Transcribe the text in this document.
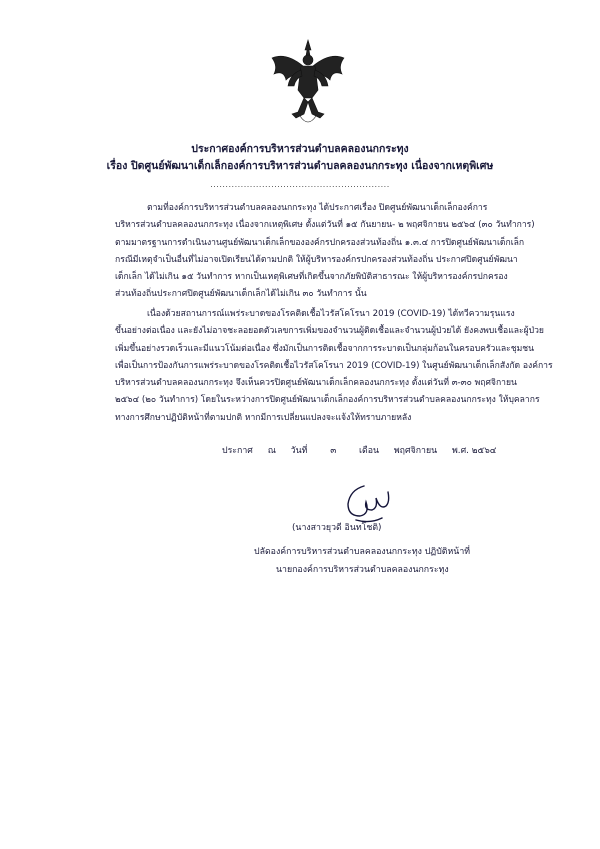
ประกาศองค์การบริหารส่วนตำบลคลองนกกระทุง
เรื่อง ปิดศูนย์พัฒนาเด็กเล็กองค์การบริหารส่วนตำบลคลองนกกระทุง เนื่องจากเหตุพิเศษ
...........................................................
ตามที่องค์การบริหารส่วนตำบลคลองนกกระทุง ได้ประกาศเรื่อง ปิดศูนย์พัฒนาเด็กเล็กองค์การ
บริหารส่วนตำบลคลองนกกระทุง เนื่องจากเหตุพิเศษ ตั้งแต่วันที่ ๑๕ กันยายน- ๒ พฤศจิกายน ๒๕๖๔ (๓๐ วันทำการ)
ตามมาตรฐานการดำเนินงานศูนย์พัฒนาเด็กเล็กขององค์กรปกครองส่วนท้องถิ่น ๑.๓.๔ การปิดศูนย์พัฒนาเด็กเล็ก
กรณีมีเหตุจำเป็นอื่นที่ไม่อาจเปิดเรียนได้ตามปกติ ให้ผู้บริหารองค์กรปกครองส่วนท้องถิ่น ประกาศปิดศูนย์พัฒนา
เด็กเล็ก ได้ไม่เกิน ๑๕ วันทำการ หากเป็นเหตุพิเศษที่เกิดขึ้นจากภัยพิบัติสาธารณะ ให้ผู้บริหารองค์กรปกครอง
ส่วนท้องถิ่นประกาศปิดศูนย์พัฒนาเด็กเล็กได้ไม่เกิน ๓๐ วันทำการ นั้น
เนื่องด้วยสถานการณ์แพร่ระบาดของโรคติดเชื้อไวรัสโคโรนา 2019 (COVID-19) ได้ทวีความรุนแรง
ขึ้นอย่างต่อเนื่อง และยังไม่อาจชะลอยอดตัวเลขการเพิ่มของจำนวนผู้ติดเชื้อและจำนวนผู้ป่วยได้ ยังคงพบเชื้อและผู้ป่วย
เพิ่มขึ้นอย่างรวดเร็วและมีแนวโน้มต่อเนื่อง ซึ่งมักเป็นการติดเชื้อจากการระบาดเป็นกลุ่มก้อนในครอบครัวและชุมชน
เพื่อเป็นการป้องกันการแพร่ระบาดของโรคติดเชื้อไวรัสโคโรนา 2019 (COVID-19) ในศูนย์พัฒนาเด็กเล็กสังกัด องค์การ
บริหารส่วนตำบลคลองนกกระทุง จึงเห็นควรปิดศูนย์พัฒนาเด็กเล็กคลองนกกระทุง ตั้งแต่วันที่ ๓-๓๐ พฤศจิกายน
๒๕๖๔ (๒๐ วันทำการ) โดยในระหว่างการปิดศูนย์พัฒนาเด็กเล็กองค์การบริหารส่วนตำบลคลองนกกระทุง ให้บุคลากร
ทางการศึกษาปฏิบัติหน้าที่ตามปกติ หากมีการเปลี่ยนแปลงจะแจ้งให้ทราบภายหลัง
ประกาศ ณ วันที่	๓	เดือน พฤศจิกายน พ.ศ. ๒๕๖๔
(นางสาวยุวดี อินทโชติ)
ปลัดองค์การบริหารส่วนตำบลคลองนกกระทุง ปฏิบัติหน้าที่
นายกองค์การบริหารส่วนตำบลคลองนกกระทุง
